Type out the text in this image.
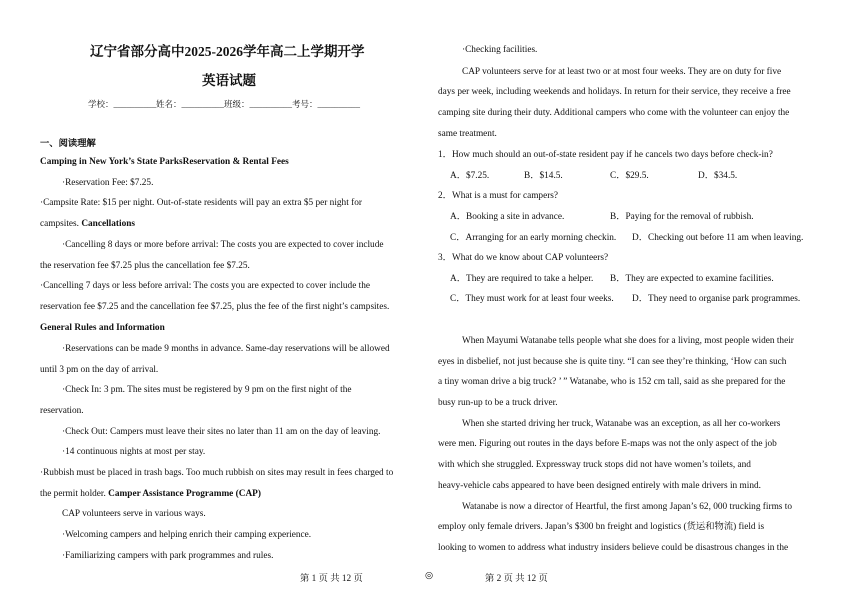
辽宁省部分高中2025-2026学年高二上学期开学
英语试题
学校：__________姓名：__________班级：__________考号：__________
一、阅读理解
Camping in New York’s State ParksReservation & Rental Fees
·Reservation Fee: $7.25.
·Campsite Rate: $15 per night. Out-of-state residents will pay an extra $5 per night for
campsites. Cancellations
·Cancelling 8 days or more before arrival: The costs you are expected to cover include
the reservation fee $7.25 plus the cancellation fee $7.25.
·Cancelling 7 days or less before arrival: The costs you are expected to cover include the
reservation fee $7.25 and the cancellation fee $7.25, plus the fee of the first night’s campsites.
General Rules and Information
·Reservations can be made 9 months in advance. Same-day reservations will be allowed
until 3 pm on the day of arrival.
·Check In: 3 pm. The sites must be registered by 9 pm on the first night of the
reservation.
·Check Out: Campers must leave their sites no later than 11 am on the day of leaving.
·14 continuous nights at most per stay.
·Rubbish must be placed in trash bags. Too much rubbish on sites may result in fees charged to
the permit holder. Camper Assistance Programme (CAP)
CAP volunteers serve in various ways.
·Welcoming campers and helping enrich their camping experience.
·Familiarizing campers with park programmes and rules.
·Checking facilities.
CAP volunteers serve for at least two or at most four weeks. They are on duty for five
days per week, including weekends and holidays. In return for their service, they receive a free
camping site during their duty. Additional campers who come with the volunteer can enjoy the
same treatment.
1．How much should an out-of-state resident pay if he cancels two days before check-in?
A．$7.25.	B．$14.5.	C．$29.5.	D．$34.5.
2．What is a must for campers?
A．Booking a site in advance.	B．Paying for the removal of rubbish.
C．Arranging for an early morning checkin. D．Checking out before 11 am when leaving.
3．What do we know about CAP volunteers?
A．They are required to take a helper. B．They are expected to examine facilities.
C．They must work for at least four weeks. D．They need to organise park programmes.
When Mayumi Watanabe tells people what she does for a living, most people widen their
eyes in disbelief, not just because she is quite tiny. “I can see they’re thinking, ‘How can such
a tiny woman drive a big truck? ’ ” Watanabe, who is 152 cm tall, said as she prepared for the
busy run-up to be a truck driver.
When she started driving her truck, Watanabe was an exception, as all her co-workers
were men. Figuring out routes in the days before E-maps was not the only aspect of the job
with which she struggled. Expressway truck stops did not have women’s toilets, and
heavy-vehicle cabs appeared to have been designed entirely with male drivers in mind.
Watanabe is now a director of Heartful, the first among Japan’s 62, 000 trucking firms to
employ only female drivers. Japan’s $300 bn freight and logistics (货运和物流) field is
looking to women to address what industry insiders believe could be disastrous changes in the
第 1 页 共 12 页	◎	第 2 页 共 12 页
